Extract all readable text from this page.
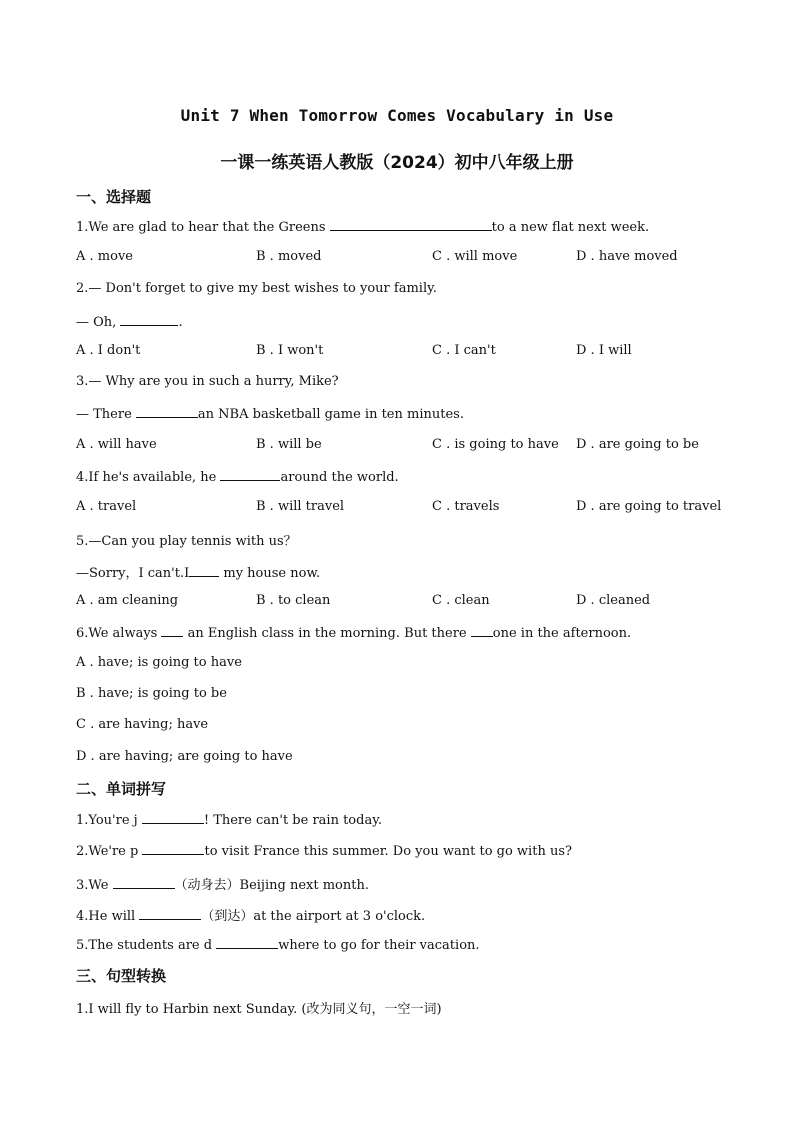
Unit 7 When Tomorrow Comes Vocabulary in Use
一课一练英语人教版（2024）初中八年级上册
一、选择题
1.We are glad to hear that the Greens	to a new flat next week.
A . move	B . moved	C . will move	D . have moved
2.— Don't forget to give my best wishes to your family.
— Oh,	.
A . I don't	B . I won't	C . I can't	D . I will
3.— Why are you in such a hurry, Mike?
— There	an NBA basketball game in ten minutes.
A . will have	B . will be	C . is going to have D . are going to be
4.If he's available, he	around the world.
A . travel	B . will travel	C . travels	D . are going to travel
5.—Can you play tennis with us？
—Sorry，I can't.I my house now.
A . am cleaning	B . to clean	C . clean	D . cleaned
6.We always  an English class in the morning. But there one in the afternoon.
A . have; is going to have
B . have; is going to be
C . are having; have
D . are having; are going to have
二、单词拼写
1.You're j	! There can't be rain today.
2.We're p	to visit France this summer. Do you want to go with us?
3.We	（动身去）Beijing next month.
4.He will	（到达）at the airport at 3 o'clock.
5.The students are d	where to go for their vacation.
三、句型转换
1.I will fly to Harbin next Sunday. (改为同义句，一空一词)
